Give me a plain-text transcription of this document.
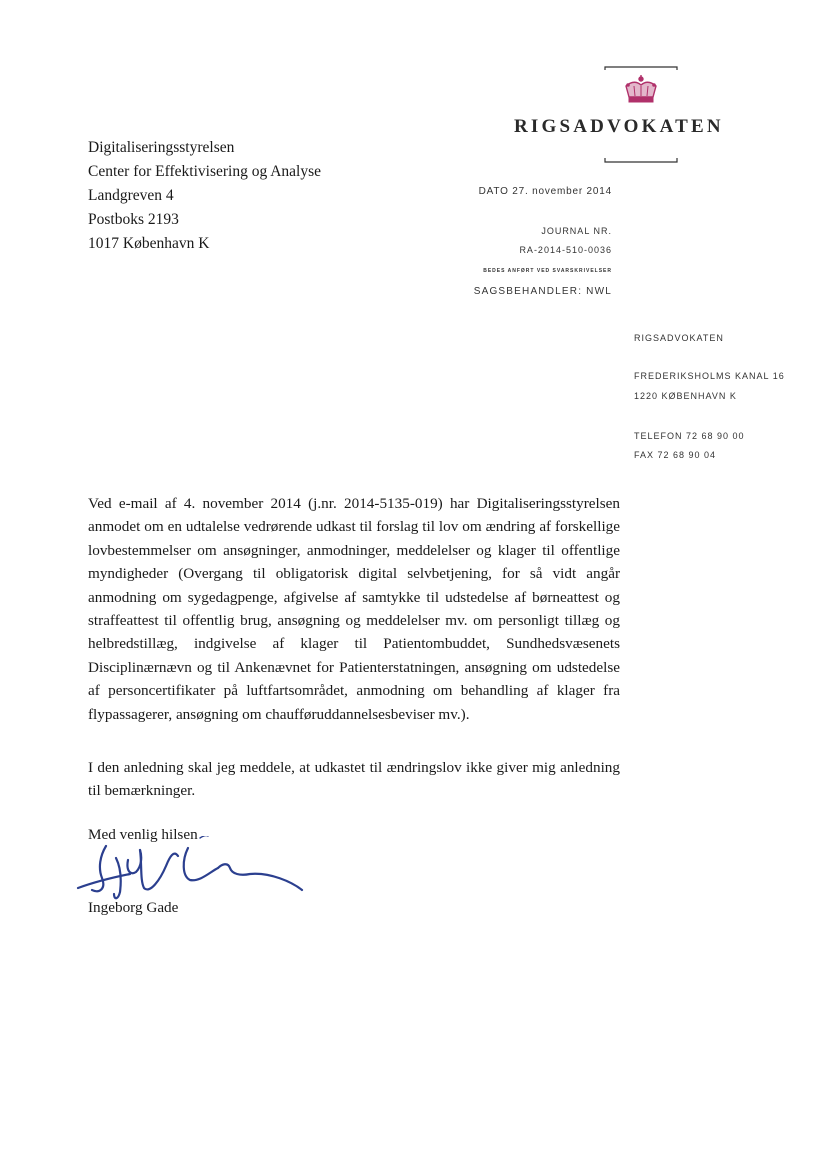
RIGSADVOKATEN
Digitaliseringsstyrelsen
Center for Effektivisering og Analyse
Landgreven 4
Postboks 2193
1017 København K
DATO 27. november 2014
JOURNAL NR.
RA-2014-510-0036
BEDES ANFØRT VED SVARSKRIVELSER
SAGSBEHANDLER: NWL
RIGSADVOKATEN
FREDERIKSHOLMS KANAL 16
1220 KØBENHAVN K
TELEFON 72 68 90 00
FAX 72 68 90 04
Ved e-mail af 4. november 2014 (j.nr. 2014-5135-019) har Digitaliseringsstyrelsen anmodet om en udtalelse vedrørende udkast til forslag til lov om ændring af forskellige lovbestemmelser om ansøgninger, anmodninger, meddelelser og klager til offentlige myndigheder (Overgang til obligatorisk digital selvbetjening, for så vidt angår anmodning om sygedagpenge, afgivelse af samtykke til udstedelse af børneattest og straffeattest til offentlig brug, ansøgning og meddelelser mv. om personligt tillæg og helbredstillæg, indgivelse af klager til Patientombuddet, Sundhedsvæsenets Disciplinærnævn og til Ankenævnet for Patienterstatningen, ansøgning om udstedelse af personcertifikater på luftfartsområdet, anmodning om behandling af klager fra flypassagerer, ansøgning om chaufføruddannelsesbeviser mv.).
I den anledning skal jeg meddele, at udkastet til ændringslov ikke giver mig anledning til bemærkninger.
Med venlig hilsen
Ingeborg Gade
